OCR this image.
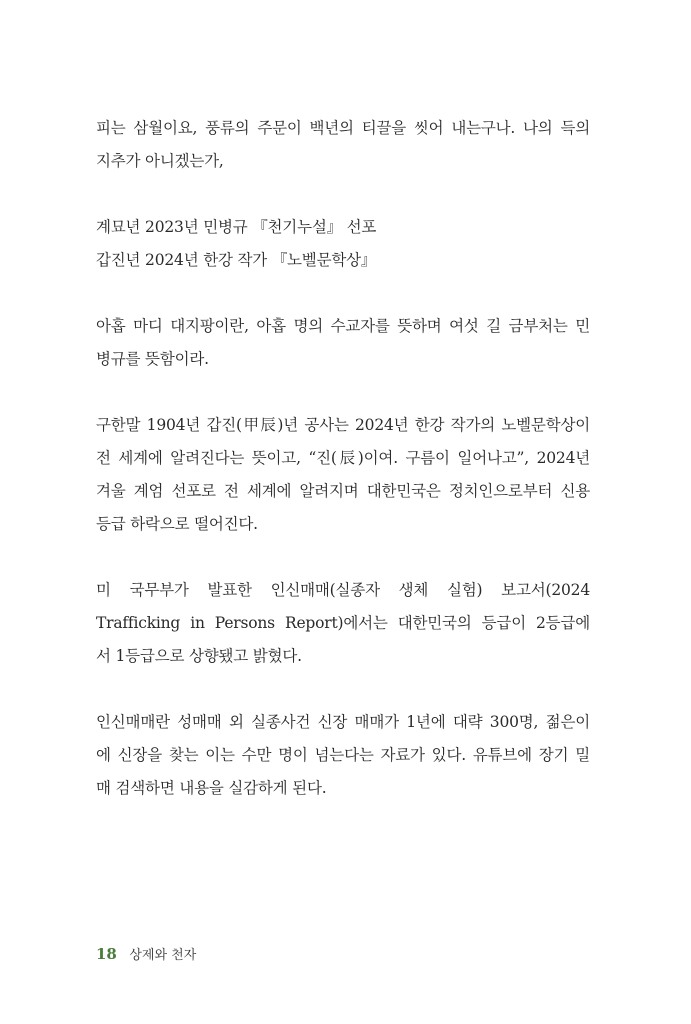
피는 삼월이요, 풍류의 주문이 백년의 티끌을 씻어 내는구나. 나의 득의
지추가 아니겠는가,
계묘년 2023년 민병규 『천기누설』 선포
갑진년 2024년 한강 작가 『노벨문학상』
아홉 마디 대지팡이란, 아홉 명의 수교자를 뜻하며 여섯 길 금부처는 민
병규를 뜻함이라.
구한말 1904년 갑진(甲辰)년 공사는 2024년 한강 작가의 노벨문학상이
전 세계에 알려진다는 뜻이고, “진(辰)이여. 구름이 일어나고”, 2024년
겨울 계엄 선포로 전 세계에 알려지며 대한민국은 정치인으로부터 신용
등급 하락으로 떨어진다.
미 국무부가 발표한 인신매매(실종자 생체 실험) 보고서(2024
Trafficking in Persons Report)에서는 대한민국의 등급이 2등급에
서 1등급으로 상향됐고 밝혔다.
인신매매란 성매매 외 실종사건 신장 매매가 1년에 대략 300명, 젊은이
에 신장을 찾는 이는 수만 명이 넘는다는 자료가 있다. 유튜브에 장기 밀
매 검색하면 내용을 실감하게 된다.
18 상제와 천자
